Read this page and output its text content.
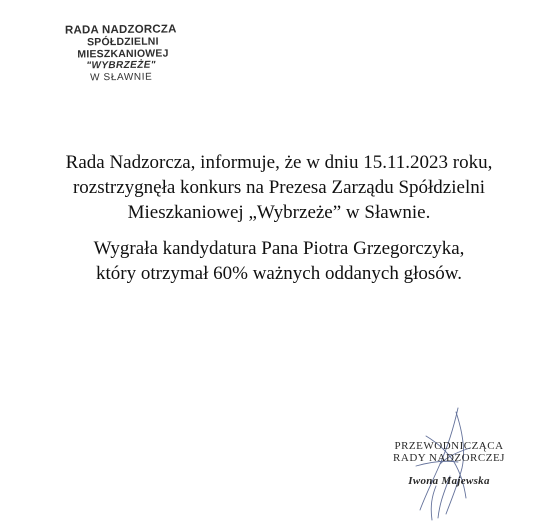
RADA NADZORCZA
SPÓŁDZIELNI MIESZKANIOWEJ
"WYBRZEŻE"
W SŁAWNIE

Rada Nadzorcza, informuje, że w dniu 15.11.2023 roku,
rozstrzygnęła konkurs na Prezesa Zarządu Spółdzielni
Mieszkaniowej „Wybrzeże” w Sławnie.

Wygrała kandydatura Pana Piotra Grzegorczyka,
który otrzymał 60% ważnych oddanych głosów.

PRZEWODNICZĄCA
RADY NADZORCZEJ
Iwona Majewska
